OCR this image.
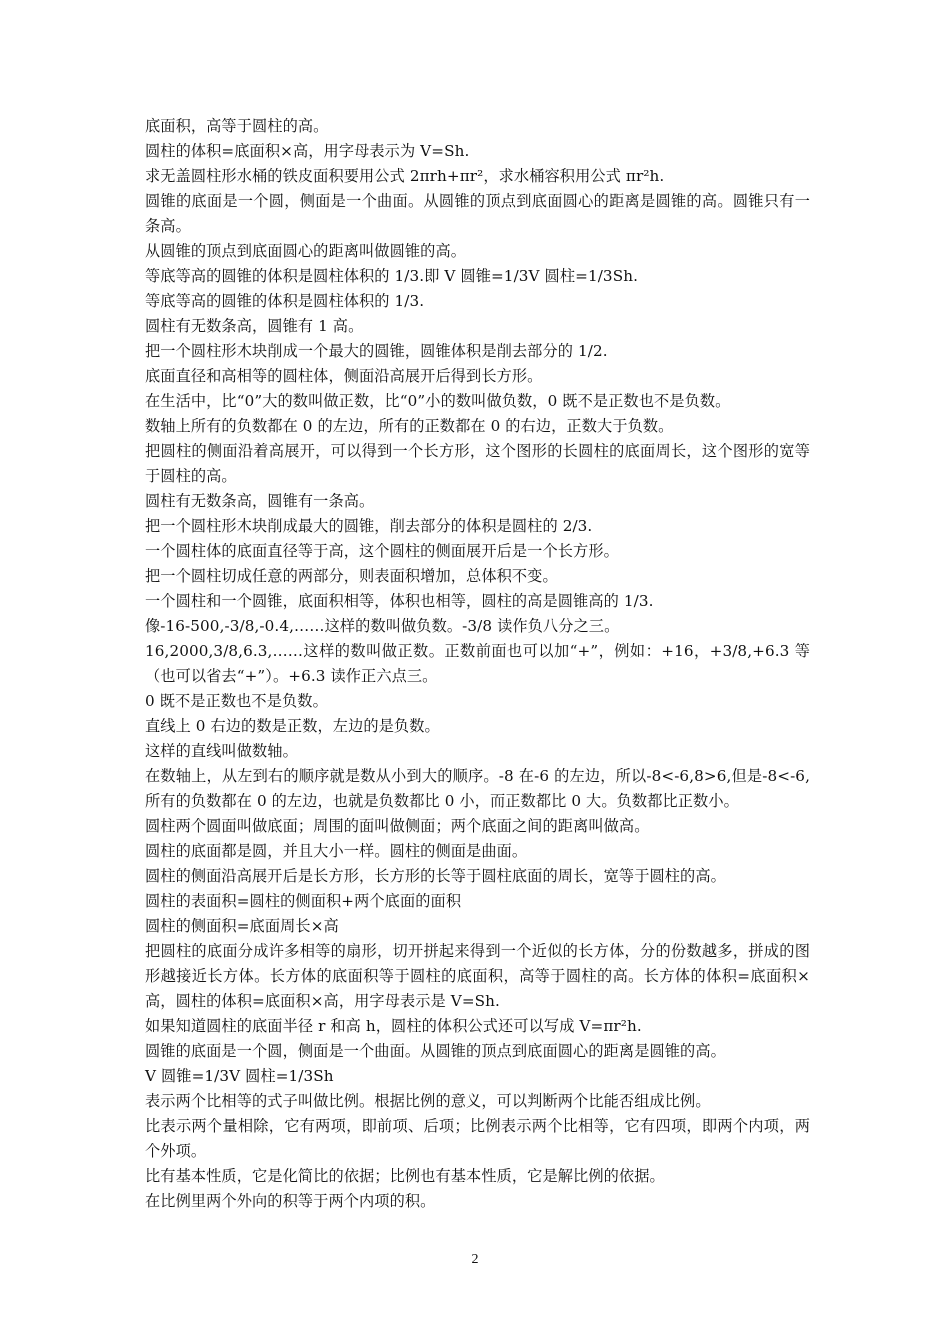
底面积，高等于圆柱的高。

圆柱的体积=底面积×高，用字母表示为 V=Sh.

求无盖圆柱形水桶的铁皮面积要用公式 2πrh+πr²，求水桶容积用公式 πr²h.

圆锥的底面是一个圆，侧面是一个曲面。从圆锥的顶点到底面圆心的距离是圆锥的高。圆锥只有一条高。

从圆锥的顶点到底面圆心的距离叫做圆锥的高。

等底等高的圆锥的体积是圆柱体积的 1/3.即 V 圆锥=1/3V 圆柱=1/3Sh.

等底等高的圆锥的体积是圆柱体积的 1/3.

圆柱有无数条高，圆锥有 1 高。

把一个圆柱形木块削成一个最大的圆锥，圆锥体积是削去部分的 1/2.

底面直径和高相等的圆柱体，侧面沿高展开后得到长方形。

在生活中，比“0”大的数叫做正数，比“0”小的数叫做负数，0 既不是正数也不是负数。

数轴上所有的负数都在 0 的左边，所有的正数都在 0 的右边，正数大于负数。

把圆柱的侧面沿着高展开，可以得到一个长方形，这个图形的长圆柱的底面周长，这个图形的宽等于圆柱的高。

圆柱有无数条高，圆锥有一条高。

把一个圆柱形木块削成最大的圆锥，削去部分的体积是圆柱的 2/3.

一个圆柱体的底面直径等于高，这个圆柱的侧面展开后是一个长方形。

把一个圆柱切成任意的两部分，则表面积增加，总体积不变。

一个圆柱和一个圆锥，底面积相等，体积也相等，圆柱的高是圆锥高的 1/3.

像-16-500,-3/8,-0.4,……这样的数叫做负数。-3/8 读作负八分之三。

16,2000,3/8,6.3,……这样的数叫做正数。正数前面也可以加“+”，例如：+16，+3/8,+6.3 等（也可以省去“+”）。+6.3 读作正六点三。

0 既不是正数也不是负数。

直线上 0 右边的数是正数，左边的是负数。

这样的直线叫做数轴。

在数轴上，从左到右的顺序就是数从小到大的顺序。-8 在-6 的左边，所以-8<-6,8>6,但是-8<-6,所有的负数都在 0 的左边，也就是负数都比 0 小，而正数都比 0 大。负数都比正数小。

圆柱两个圆面叫做底面；周围的面叫做侧面；两个底面之间的距离叫做高。

圆柱的底面都是圆，并且大小一样。圆柱的侧面是曲面。

圆柱的侧面沿高展开后是长方形，长方形的长等于圆柱底面的周长，宽等于圆柱的高。

圆柱的表面积=圆柱的侧面积+两个底面的面积

圆柱的侧面积=底面周长×高

把圆柱的底面分成许多相等的扇形，切开拼起来得到一个近似的长方体，分的份数越多，拼成的图形越接近长方体。长方体的底面积等于圆柱的底面积，高等于圆柱的高。长方体的体积=底面积×高，圆柱的体积=底面积×高，用字母表示是 V=Sh.

如果知道圆柱的底面半径 r 和高 h，圆柱的体积公式还可以写成 V=πr²h.

圆锥的底面是一个圆，侧面是一个曲面。从圆锥的顶点到底面圆心的距离是圆锥的高。

V 圆锥=1/3V 圆柱=1/3Sh

表示两个比相等的式子叫做比例。根据比例的意义，可以判断两个比能否组成比例。

比表示两个量相除，它有两项，即前项、后项；比例表示两个比相等，它有四项，即两个内项，两个外项。

比有基本性质，它是化简比的依据；比例也有基本性质，它是解比例的依据。

在比例里两个外向的积等于两个内项的积。

2
